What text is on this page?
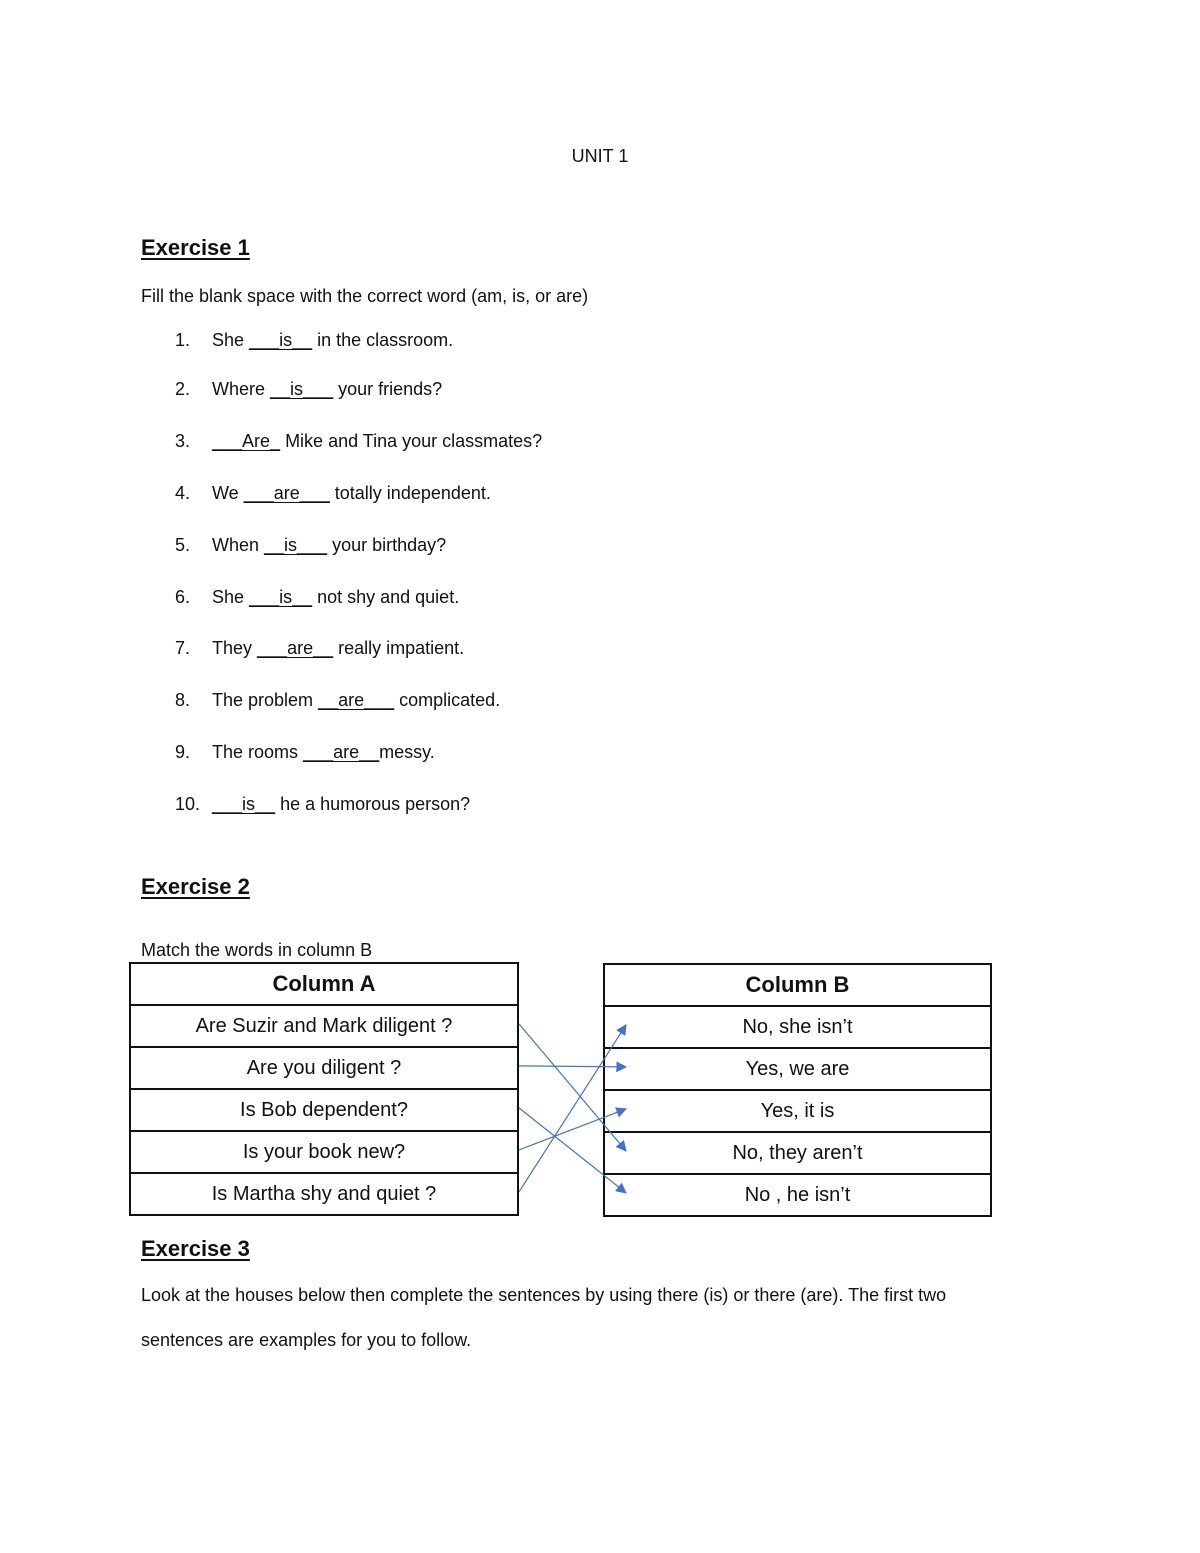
UNIT 1
Exercise 1
Fill the blank space with the correct word (am, is, or are)
1. She ___is__ in the classroom.
2. Where __is___ your friends?
3. ___Are_ Mike and Tina your classmates?
4. We ___are___ totally independent.
5. When __is___ your birthday?
6. She ___is__ not shy and quiet.
7. They ___are__ really impatient.
8. The problem __are___ complicated.
9. The rooms ___are__messy.
10. ___is__ he a humorous person?
Exercise 2
Match the words in column B
Column A
Are Suzir and Mark diligent ?
Are you diligent ?
Is Bob dependent?
Is your book new?
Is Martha shy and quiet ?
Column B
No, she isn’t
Yes, we are
Yes, it is
No, they aren’t
No , he isn’t
Exercise 3
Look at the houses below then complete the sentences by using there (is) or there (are). The first two
sentences are examples for you to follow.
